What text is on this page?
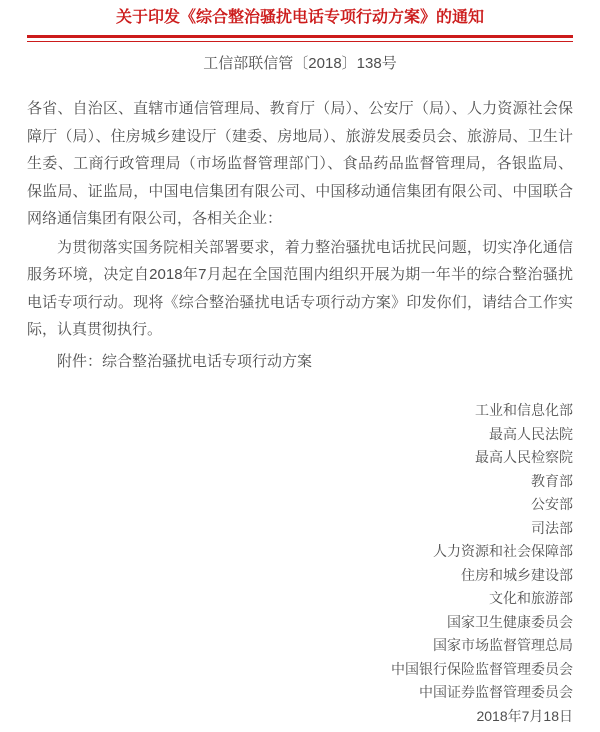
关于印发《综合整治骚扰电话专项行动方案》的通知
工信部联信管〔2018〕138号

各省、自治区、直辖市通信管理局、教育厅（局）、公安厅（局）、人力资源社会保障厅（局）、住房城乡建设厅（建委、房地局）、旅游发展委员会、旅游局、卫生计生委、工商行政管理局（市场监督管理部门）、食品药品监督管理局，各银监局、保监局、证监局，中国电信集团有限公司、中国移动通信集团有限公司、中国联合网络通信集团有限公司，各相关企业：

为贯彻落实国务院相关部署要求，着力整治骚扰电话扰民问题，切实净化通信服务环境，决定自2018年7月起在全国范围内组织开展为期一年半的综合整治骚扰电话专项行动。现将《综合整治骚扰电话专项行动方案》印发你们，请结合工作实际，认真贯彻执行。

附件：综合整治骚扰电话专项行动方案

工业和信息化部
最高人民法院
最高人民检察院
教育部
公安部
司法部
人力资源和社会保障部
住房和城乡建设部
文化和旅游部
国家卫生健康委员会
国家市场监督管理总局
中国银行保险监督管理委员会
中国证券监督管理委员会
2018年7月18日
